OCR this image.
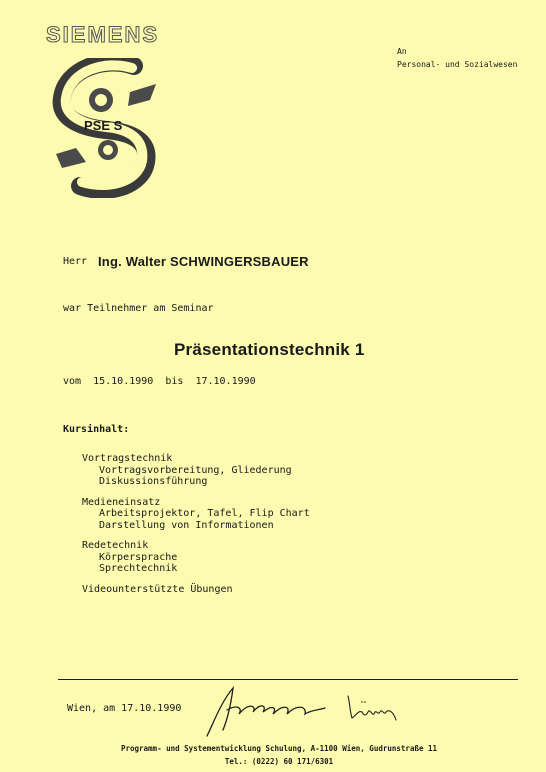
SIEMENS
PSE S
An
Personal- und Sozialwesen
Herr Ing. Walter SCHWINGERSBAUER
war Teilnehmer am Seminar
Präsentationstechnik 1
vom  15.10.1990  bis  17.10.1990
Kursinhalt:
Vortragstechnik
Vortragsvorbereitung, Gliederung
Diskussionsführung
Medieneinsatz
Arbeitsprojektor, Tafel, Flip Chart
Darstellung von Informationen
Redetechnik
Körpersprache
Sprechtechnik
Videounterstützte Übungen
Wien, am 17.10.1990
Programm- und Systementwicklung Schulung, A-1100 Wien, Gudrunstraße 11
Tel.: (0222) 60 171/6301
